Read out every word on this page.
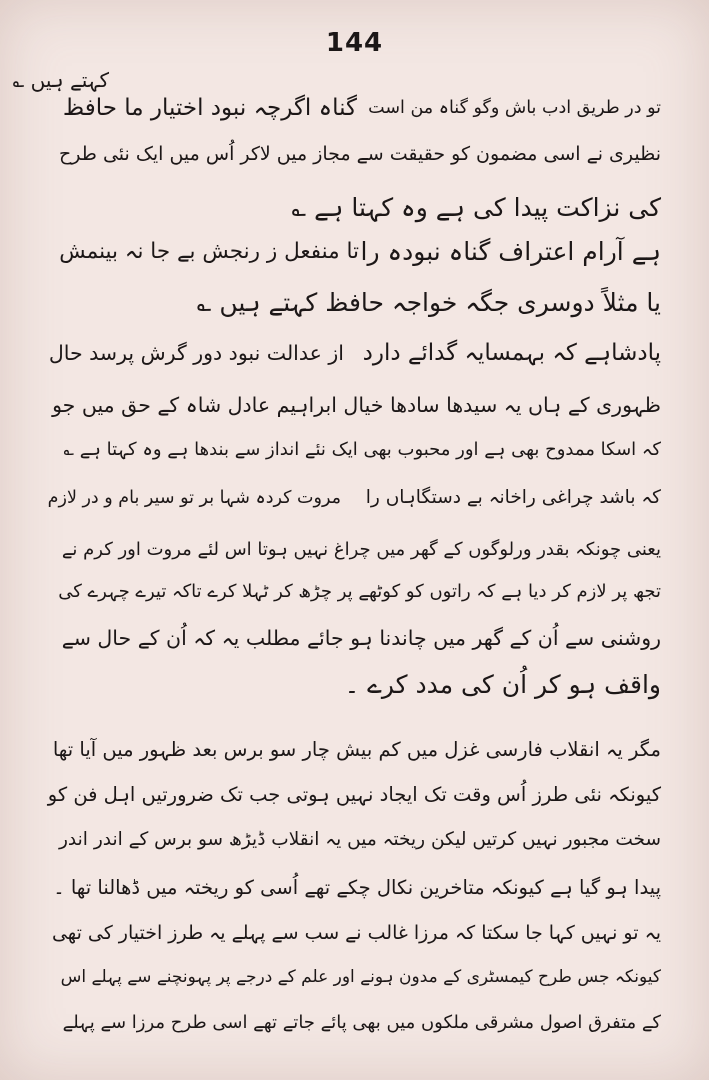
144
کہتے ہیں ؎
گناہ اگرچہ نبود اختیار ما حافظ تو در طریق ادب باش وگو گناہ من است
نظیری نے اسی مضمون کو حقیقت سے مجاز میں لاکر اُس میں ایک نئی طرح
کی نزاکت پیدا کی ہے وہ کہتا ہے ؎
تا منفعل ز رنجش بے جا نہ بینمش ہے آرام اعتراف گناہ نبودہ را
یا مثلاً دوسری جگہ خواجہ حافظ کہتے ہیں ؎
از عدالت نبود دور گرش پرسد حال پادشاہے کہ بہمسایہ گدائے دارد
ظہوری کے ہاں یہ سیدھا سادھا خیال ابراہیم عادل شاہ کے حق میں جو
کہ اسکا ممدوح بھی ہے اور محبوب بھی ایک نئے انداز سے بندھا ہے وہ کہتا ہے ؎
مروت کردہ شہا بر تو سیر بام و در لازم کہ باشد چراغی راخانہ بے دستگاہاں را
یعنی چونکہ بقدر ورلوگوں کے گھر میں چراغ نہیں ہوتا اس لئے مروت اور کرم نے
تجھ پر لازم کر دیا ہے کہ راتوں کو کوٹھے پر چڑھ کر ٹہلا کرے تاکہ تیرے چہرے کی
روشنی سے اُن کے گھر میں چاندنا ہو جائے مطلب یہ کہ اُن کے حال سے
واقف ہو کر اُن کی مدد کرے ۔
مگر یہ انقلاب فارسی غزل میں کم بیش چار سو برس بعد ظہور میں آیا تھا
کیونکہ نئی طرز اُس وقت تک ایجاد نہیں ہوتی جب تک ضرورتیں اہل فن کو
سخت مجبور نہیں کرتیں لیکن ریختہ میں یہ انقلاب ڈیڑھ سو برس کے اندر اندر
پیدا ہو گیا ہے کیونکہ متاخرین نکال چکے تھے اُسی کو ریختہ میں ڈھالنا تھا ۔
یہ تو نہیں کہا جا سکتا کہ مرزا غالب نے سب سے پہلے یہ طرز اختیار کی تھی
کیونکہ جس طرح کیمسٹری کے مدون ہونے اور علم کے درجے پر پہونچنے سے پہلے اس
کے متفرق اصول مشرقی ملکوں میں بھی پائے جاتے تھے اسی طرح مرزا سے پہلے
